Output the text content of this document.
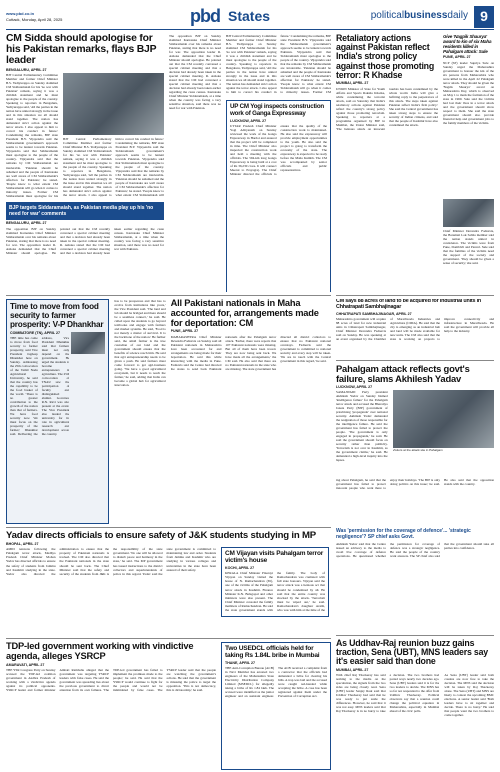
www.pbd.co.in
Cuttack, Monday, April 28, 2025	pbd States	politicalbusinessdaily 9
CM Sidda should apologise for his Pakistan remarks, flays BJP leader
BENGALURU, APRIL 27
BJP Central Parliamentary Committee Member and former Chief Minister B.S. Yediyurappa on Sunday slammed CM Siddaramaiah for his 'no war with Pakistan' remark, saying it was a childish statement and he must apologise to the people of the country. Speaking to reporters in Bengaluru, Yediyurappa said, 'All the parties in the nation have united strongly in the issue and in this situation we all should stand together. The nation has demanded strict action against the terror attack. I also appeal to him to correct his conduct in future.' Condemning the remarks, BJP state President B.Y. Vijayendra said the Siddaramaiah government's approach seems to be lenient towards Pakistan. Vijayendra said that Siddaramaiah must apologise to the people of the country. Vijayendra said that the remarks by CM Siddaramaiah are intolerable. 'Pakistan should be ashamed and the people of Karnataka are well aware of CM Siddaramaiah's affection for Pakistan,' he stated. 'People know to what extent CM Siddaramaiah will go when it comes to minority issues. Former CM Siddaramaiah must apologise for his
BJP Central Parliamentary Committee Member and former Chief Minister B.S. Yediyurappa on Sunday slammed CM Siddaramaiah for his 'no war with Pakistan' remark, saying it was a childish statement and he must apologise to the people of the country. Speaking to reporters in Bengaluru, Yediyurappa said, 'All the parties in the nation have united strongly in the issue and in this situation we all should stand together. The nation has demanded strict action against the terror attack. I also appeal to him to correct his conduct in future.' Condemning the remarks, BJP state President B.Y. Vijayendra said the Siddaramaiah government's approach seems to be lenient towards Pakistan. Vijayendra said that Siddaramaiah must apologise to the people of the country. Vijayendra said that the remarks by CM Siddaramaiah are intolerable. 'Pakistan should be ashamed and the people of Karnataka are well aware of CM Siddaramaiah's affection for Pakistan,' he stated. 'People know to what extent CM Siddaramaiah will
BJP targets Siddaramaiah, as Pakistan media play up his 'no need for war' comments
BENGALURU, APRIL 27
The opposition BJP on Sunday slammed Karnataka Chief Minister Siddaramaiah over his remarks about Pakistan, stating that there is no need for war. The opposition leader R. Ashoka demanded that the Chief Minister should apologise. He pointed out that the CM recently convened a special cabinet meeting and that a decision had already been taken in the special cabinet meeting. R. Ashoka stated that the CM had convened a special cabinet meeting and that a decision had already been taken earlier regarding the caste census. Karnataka Chief Minister Siddaramaiah, at a time when the country was facing a very sensitive situation, said there was no need for war with Pakistan.
The opposition BJP on Sunday slammed Karnataka Chief Minister Siddaramaiah over his remarks about Pakistan, stating that there is no need for war. The opposition leader R. Ashoka demanded that the Chief Minister should apologise. He pointed out that the CM recently convened a special cabinet meeting and that a decision had already been taken in the special cabinet meeting. R. Ashoka stated that the CM had convened a special cabinet meeting and that a decision had already been taken earlier regarding the caste census. Karnataka Chief Minister Siddaramaiah, at a time when the country was facing a very sensitive situation, said there was no need for war with Pakistan.
BJP Central Parliamentary Committee Member and former Chief Minister B.S. Yediyurappa on Sunday slammed CM Siddaramaiah for his 'no war with Pakistan' remark, saying it was a childish statement and he must apologise to the people of the country. Speaking to reporters in Bengaluru, Yediyurappa said, 'All the parties in the nation have united strongly in the issue and in this situation we all should stand together. The nation has demanded strict action against the terror attack. I also appeal to him to correct his conduct in future.' Condemning the remarks, BJP state President B.Y. Vijayendra said the Siddaramaiah government's approach seems to be lenient towards Pakistan. Vijayendra said that Siddaramaiah must apologise to the people of the country. Vijayendra said that the remarks by CM Siddaramaiah are intolerable. 'Pakistan should be ashamed and the people of Karnataka are well aware of CM Siddaramaiah's affection for Pakistan,' he stated. 'People know to what extent CM Siddaramaiah will go when it comes to minority issues. Former CM
UP CM Yogi inspects construction work of Ganga Expressway
LUCKNOW, APRIL 27
UTTAR Pradesh Chief Minister Yogi Adityanath on Sunday reviewed the work of the Ganga Expressway in Hardoi and assured that the project will be completed in time. The Chief Minister also inspected the construction work and held a meeting with the officials. The 594-km long Ganga Expressway is being built at a cost of Rs 36,230 crore. It will connect Meerut to Prayagraj. The Chief Minister directed the officials to ensure that the quality of the construction work is maintained. He also said the expressway will provide employment opportunities to the youth. He also said the project is going to transform the economy of the state. The expressway is expected to be ready before the Maha Kumbh. The CM was accompanied by senior officials and public representatives.
Time to move from food security to farmer prosperity: V-P Dhankhar
COIMBATORE (TN), APRIL 27
THE time has come to move from food security to farmer prosperity, said Vice President Jagdeep Dhankhar here on Sunday. Addressing the 25th convocation of the Tamil Nadu Agricultural University, he said that the country has the capability to be the food basket of the world. 'There is no greater contribution to the growth of the nation than that of farmers. We have food security now. We must focus on the prosperity of the farmer,' Dhankhar said. Delivering the address, Vice President Dhankhar said that farmers must not only depend on the government. He urged the students to become entrepreneurs in agriculture. The 25th convocation of TNAU saw the participation of faculty and distinguished alumni. Governor R.N. Ravi was also present at the event. The Vice President also lauded the university for its role in agricultural research and development across the country.
has to be prosperous and that has to evolve from institutions like yours,' the Vice President said. 'The land and lab should be bridged and there should be a seamless connect,' he said. He called upon the students to go beyond textbooks and engage with farmers and market systems. He said, 'Food is not merely a matter of survival. It is the backbone of the nation.' He further said, the small farmer is the true custodian of our land and the government should ensure that the benefits of science reach him. He said that agri entrepreneurship needs to be given a push. He said farmers must come forward to get agri-business going. 'We have a good agricultural ecosystem, but it needs to reach the farmer,' he said, adding that India can become a global hub for agricultural innovation.
All Pakistani nationals in Maha accounted for, arrangements made for deportation: CM
PUNE, APRIL 27
MAHARASHTRA Chief Minister Devendra Fadnavis on Sunday said all Pakistani nationals in Maharashtra have been accounted for and arrangements are being made for their deportation. He said this while interacting with the media in Pune. Fadnavis said the Centre had directed the states to send back Pakistani nationals after the Pahalgam terror attack. 'Earlier, there were reports that 107 Pakistani nationals were missing. But all of them have been traced. They are now being sent back. We have made all the arrangements,' the CM said. He also said that there are no Pakistani nationals in the state who are missing. The state government has directed all district collectors to ensure that no Pakistani national overstays. Fadnavis said the government is committed to national security and every step will be taken. 'We are in touch with the Central government in this regard,' he said.
Yadav directs officials to ensure safety of J&K students studying in MP
BHOPAL, APRIL 27
AMID tensions following the Pahalgam terror attack, Madhya Pradesh Chief Minister Mohan Yadav has directed officials to ensure the safety of students from Jammu and Kashmir studying in the state. Yadav also directed the administration to ensure that the property of Pakistani nationals is tracked. The CM also directed that the Pakistani nationals in the state should be sent back. The Chief Minister said that the safety and security of the students from J&K is the responsibility of the state government. 'No one will be allowed to disturb peace and harmony in the state,' he said. The MP government has issued instructions to the district collectors and superintendents of police in this regard. Yadav said the state government is committed to maintaining law and order. Students from Jammu and Kashmir who are studying in various colleges and universities in the state have been assured of their safety.
CM Vijayan visits Pahalgam terror victim's house
KOCHI, APRIL 27
KERALA Chief Minister Pinarayi Vijayan on Sunday visited the house of N. Ramachandran (65), one of the victims of the Pahalgam terror attack in Kashmir. Finance Minister K.N. Balagopal and other ministers were also present. The Chief Minister consoled the family members of Ramachandran. He said the state government stands with the family. The body of Ramachandran was cremated with full state honours. Vijayan said the terror attack was a heinous act that should be condemned by all. He said that the entire country was shocked by the attack. 'Terrorism must be wiped out,' he said. Ramachandran's daughter Arathi, who was with him at the time of the
TDP-led government working with vindictive agenda, alleges YSRCP
AMARAVATI, APRIL 27
THE YSR Congress Party on Sunday accused the TDP-led coalition government in Andhra Pradesh of working with a vindictive agenda against its political opponents. YSRCP leader and former minister Ambati Rambabu alleged that the government was targeting YSRCP leaders with false cases. He said the government was spreading lies about the previous government to divert attention from its own failures. 'The TDP-led government has failed to implement the promises made to the people,' he said. He said that the YSRCP would continue to fight for the people and would not be intimidated by false cases. The YSRCP leader said that the people are watching the government's actions. He said that the government is misusing the police to target the opposition. 'This is not democracy, this is dictatorship,' he said.
Two USEDCL officials held for taking Rs 1.84L bribe in Mumbai
THANE, APRIL 27
THE Anti-Corruption Bureau (ACB) in Navi Mumbai has arrested two engineers of the Maharashtra State Electricity Distribution Company Limited (MSEDCL) for allegedly taking a bribe of Rs 1.84 lakh. The accused were identified as the junior engineer and an assistant engineer. The ACB received a complaint from a contractor that the officials had demanded a bribe for clearing his bills. A trap was laid and the accused were caught red-handed while accepting the bribe. A case has been registered against them under the Prevention of Corruption Act.
Retaliatory actions against Pakistan reflect India's strong policy against those promoting terror: R Khadse
MUMBAI, APRIL 27
UNION Minister of State for Youth Affairs and Sports Raksha Khadse, while condemning the terrorist attack, said on Saturday that India's retaliatory actions against Pakistan reflect the country's strong policy against those promoting terrorism. Speaking to reporters at a programme organised by BJP in Mumbai, the Union Minister said, 'The heinous attack on innocent tourists has been condemned by the whole world. India will give a befitting reply to the perpetrators of this attack. The steps taken against Pakistan reflect India's firm policy.' She said the Central government has taken strong steps to ensure the security of Indian citizens, and said that the people of Kashmir have also condemned the attack.
Give 'Nagpik Shaurya' award to kin of six Maha residents killed in Pahalgam attack: Sule
PUNE, APRIL 27
NCP (SP) leader Supriya Sule on Sunday urged the Maharashtra government to honour the kin of the six persons from Maharashtra who were killed in the April 22 Pahalgam terror attack. They should be given the 'Nagrik Shaurya' award on Maharashtra Day, which is observed on May 1 to mark the formation of the state in 1960. Sule said the victims had lost their lives in a terror attack and the government should show respect to them. She said the state government should also provide financial help and government jobs to the family members of the victims.
Chief Minister Devendra Fadnavis, the Baramati Lok Sabha member said the nation stands united in condolence. The victims were from Pune, Dombivli and Panvel. Sule said that the families of the victims need the support of the society and government. 'They should be given a sense of security,' she said.
CM says 88 acres of land to be acquired for industrial units in Chhatrapati Sambhajinagar
CHHATRAPATI SAMBHAJINAGAR, APRIL 27
Maharashtra government will acquire 88 acres of land for new industrial units in Chhatrapati Sambhajinagar, Chief Minister Devendra Fadnavis said on Sunday. He was speaking at an event organised by the Chamber of Marathwada Industries and Agriculture (CMIA). He said that the city is emerging as an industrial hub and land will be made available for new units. The CM also said that the state is working on projects to improve connectivity and infrastructure in Marathwada. He said the government will provide all help to the industry.
Pahalgam attack reflects govt's failure, slams Akhilesh Yadav
LUCKNOW, APRIL 27
SAMAJWADI Party president Akhilesh Yadav on Sunday blamed 'intelligence failure' for the Pahalgam terror attack and accused the Bharatiya Janata Party (BJP) government of prioritising 'propaganda' over national security. Akhilesh Yadav demanded the resignation of those responsible for the intelligence failure. He said the government has failed to protect the people. 'The government is only engaged in propaganda,' he said. He said the government should focus on security rather than publicity. 'Terrorism is not over in Kashmir, as the government claims,' he said. He demanded a high-level inquiry into the lapses.
Visitors at the attack site in Pahalgam
ing about Pahalgam, he said that the government has failed to protect innocent people who went there to enjoy their holidays. 'The BJP is only doing politics on this issue,' he said. He also said that the opposition stands with the country.
Was 'permission for the coverage of defence'... 'strategic negligence'? SP chief asks Govt.
Akhilesh Yadav said that the Centre issued an advisory to the media to avoid live coverage of defence operations. He questioned whether the permission for coverage of defence was a strategic negligence. He said the people of the country want answers. The SP chief also said that the government should take all parties into confidence.
As Uddhav-Raj reunion buzz gains traction, Sena (UBT), MNS leaders say it's easier said than done
MUMBAI, APRIL 27
With chief Raj Thackeray has said nothing to the media on the speculation, the signals from the two sides are being closely read. Sena (UBT) leader Sanjay Raut said that Uddhav Thackeray had said that he was ready to put aside the differences. However, he said that it was not easy. MNS leaders said that Raj Thackeray is in no hurry to take a decision. The two brothers had parted ways nearly two decades ago. Sena (UBT) leaders said it is for the two leaders to decide. The MNS has so far not responded to the offer from Uddhav Thackeray. Political observers say that a reunion could change the political equation in Maharashtra, especially in Mumbai ahead of the civic polls.
As Sena (UBT) leader said both cousins are now free to take the decision. The MNS said the decision will be taken by Raj Thackeray alone. The Sena (UBT) and MNS are likely to contest the upcoming BMC elections. A senior leader said 'Both leaders have to sit together and decide. There is no hurry.' He said that people want the two brothers to come together.
